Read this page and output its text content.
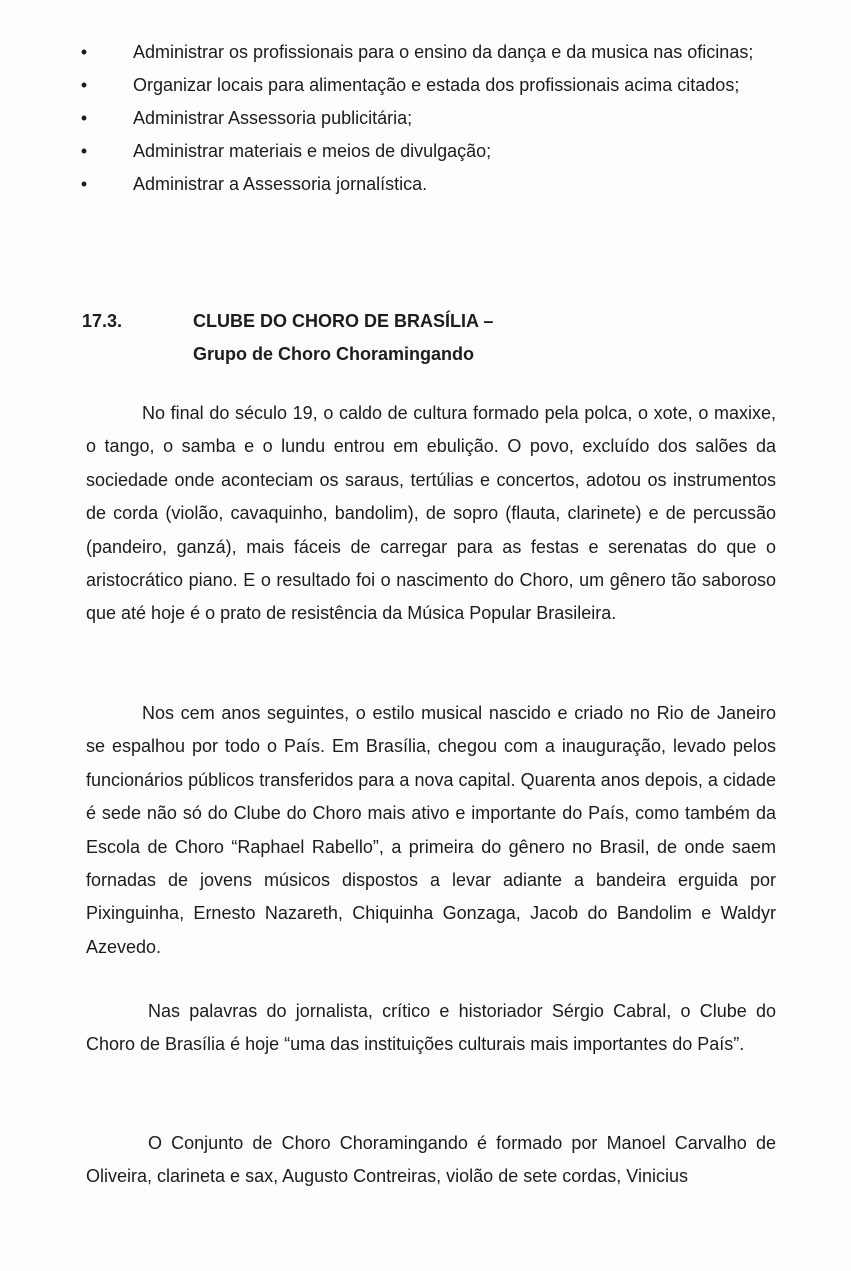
•	Administrar os profissionais para o ensino da dança e da musica nas oficinas;
•	Organizar locais para alimentação e estada dos profissionais acima citados;
•	Administrar Assessoria publicitária;
•	Administrar materiais e meios de divulgação;
•	Administrar a Assessoria jornalística.
17.3.	CLUBE DO CHORO DE BRASÍLIA –
Grupo de Choro Choramingando

No final do século 19, o caldo de cultura formado pela polca, o xote, o maxixe, o tango, o samba e o lundu entrou em ebulição. O povo, excluído dos salões da sociedade onde aconteciam os saraus, tertúlias e concertos, adotou os instrumentos de corda (violão, cavaquinho, bandolim), de sopro (flauta, clarinete) e de percussão (pandeiro, ganzá), mais fáceis de carregar para as festas e serenatas do que o aristocrático piano. E o resultado foi o nascimento do Choro, um gênero tão saboroso que até hoje é o prato de resistência da Música Popular Brasileira.

Nos cem anos seguintes, o estilo musical nascido e criado no Rio de Janeiro se espalhou por todo o País. Em Brasília, chegou com a inauguração, levado pelos funcionários públicos transferidos para a nova capital. Quarenta anos depois, a cidade é sede não só do Clube do Choro mais ativo e importante do País, como também da Escola de Choro “Raphael Rabello”, a primeira do gênero no Brasil, de onde saem fornadas de jovens músicos dispostos a levar adiante a bandeira erguida por Pixinguinha, Ernesto Nazareth, Chiquinha Gonzaga, Jacob do Bandolim e Waldyr Azevedo.

Nas palavras do jornalista, crítico e historiador Sérgio Cabral, o Clube do Choro de Brasília é hoje “uma das instituições culturais mais importantes do País”.

O Conjunto de Choro Choramingando é formado por Manoel Carvalho de Oliveira, clarineta e sax, Augusto Contreiras, violão de sete cordas, Vinicius
